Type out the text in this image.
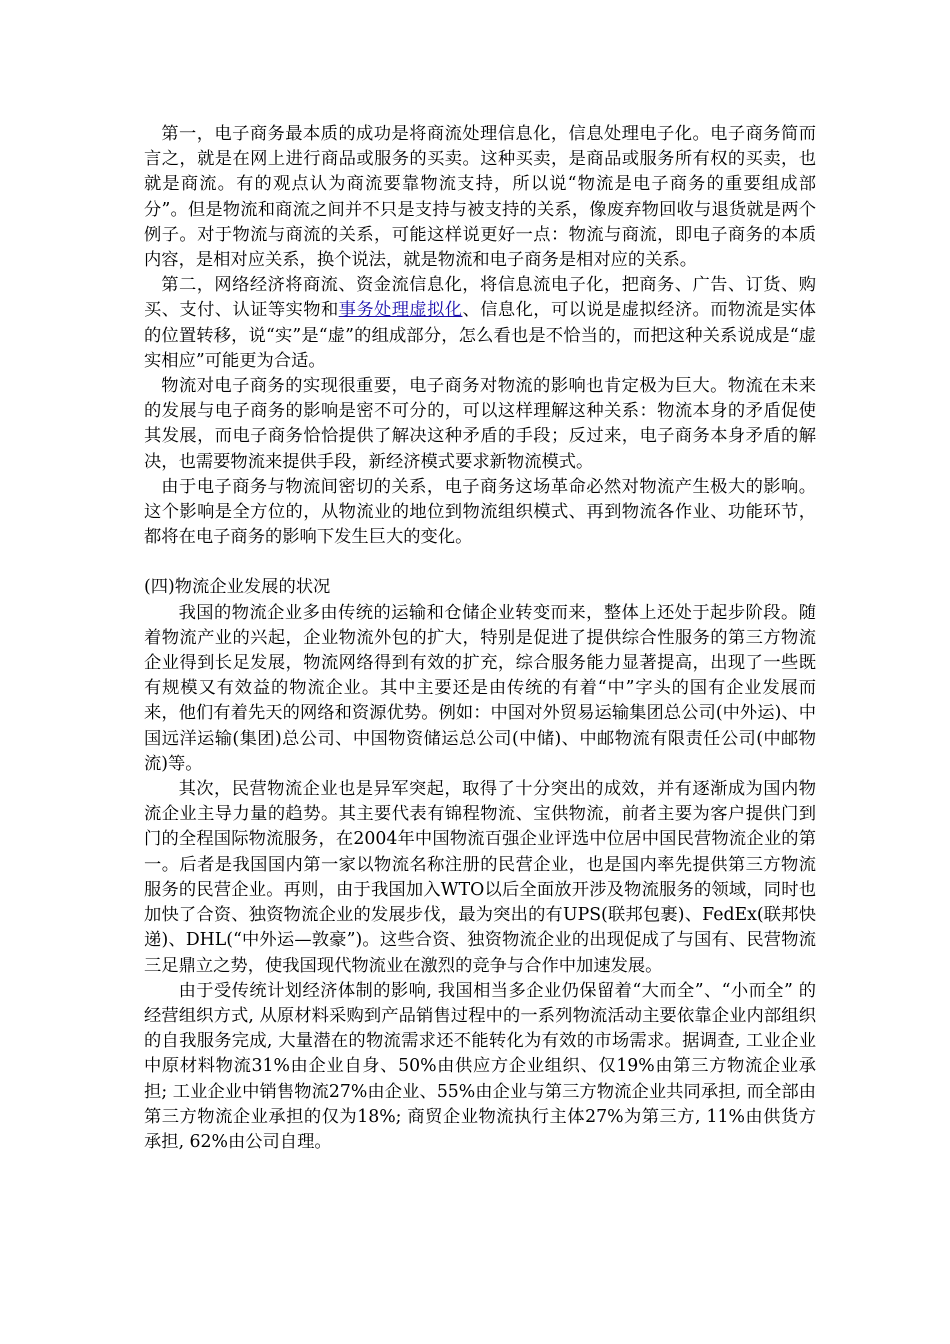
第一，电子商务最本质的成功是将商流处理信息化，信息处理电子化。电子商务简而言之，就是在网上进行商品或服务的买卖。这种买卖，是商品或服务所有权的买卖，也就是商流。有的观点认为商流要靠物流支持，所以说“物流是电子商务的重要组成部分”。但是物流和商流之间并不只是支持与被支持的关系，像废弃物回收与退货就是两个例子。对于物流与商流的关系，可能这样说更好一点：物流与商流，即电子商务的本质内容，是相对应关系，换个说法，就是物流和电子商务是相对应的关系。

第二，网络经济将商流、资金流信息化，将信息流电子化，把商务、广告、订货、购买、支付、认证等实物和事务处理虚拟化、信息化，可以说是虚拟经济。而物流是实体的位置转移，说“实”是“虚”的组成部分，怎么看也是不恰当的，而把这种关系说成是“虚实相应”可能更为合适。

物流对电子商务的实现很重要，电子商务对物流的影响也肯定极为巨大。物流在未来的发展与电子商务的影响是密不可分的，可以这样理解这种关系：物流本身的矛盾促使其发展，而电子商务恰恰提供了解决这种矛盾的手段；反过来，电子商务本身矛盾的解决，也需要物流来提供手段，新经济模式要求新物流模式。

由于电子商务与物流间密切的关系，电子商务这场革命必然对物流产生极大的影响。这个影响是全方位的，从物流业的地位到物流组织模式、再到物流各作业、功能环节，都将在电子商务的影响下发生巨大的变化。

(四)物流企业发展的状况

我国的物流企业多由传统的运输和仓储企业转变而来，整体上还处于起步阶段。随着物流产业的兴起，企业物流外包的扩大，特别是促进了提供综合性服务的第三方物流企业得到长足发展，物流网络得到有效的扩充，综合服务能力显著提高，出现了一些既有规模又有效益的物流企业。其中主要还是由传统的有着“中”字头的国有企业发展而来，他们有着先天的网络和资源优势。例如：中国对外贸易运输集团总公司(中外运)、中国远洋运输(集团)总公司、中国物资储运总公司(中储)、中邮物流有限责任公司(中邮物流)等。

其次，民营物流企业也是异军突起，取得了十分突出的成效，并有逐渐成为国内物流企业主导力量的趋势。其主要代表有锦程物流、宝供物流，前者主要为客户提供门到门的全程国际物流服务，在2004年中国物流百强企业评选中位居中国民营物流企业的第一。后者是我国国内第一家以物流名称注册的民营企业，也是国内率先提供第三方物流服务的民营企业。再则，由于我国加入WTO以后全面放开涉及物流服务的领域，同时也加快了合资、独资物流企业的发展步伐，最为突出的有UPS(联邦包裹)、FedEx(联邦快递)、DHL(“中外运—敦豪”)。这些合资、独资物流企业的出现促成了与国有、民营物流三足鼎立之势，使我国现代物流业在激烈的竞争与合作中加速发展。

由于受传统计划经济体制的影响, 我国相当多企业仍保留着“大而全”、“小而全” 的经营组织方式, 从原材料采购到产品销售过程中的一系列物流活动主要依靠企业内部组织的自我服务完成, 大量潜在的物流需求还不能转化为有效的市场需求。据调查, 工业企业中原材料物流31%由企业自身、50%由供应方企业组织、仅19%由第三方物流企业承担; 工业企业中销售物流27%由企业、55%由企业与第三方物流企业共同承担, 而全部由第三方物流企业承担的仅为18%; 商贸企业物流执行主体27%为第三方, 11%由供货方承担, 62%由公司自理。
